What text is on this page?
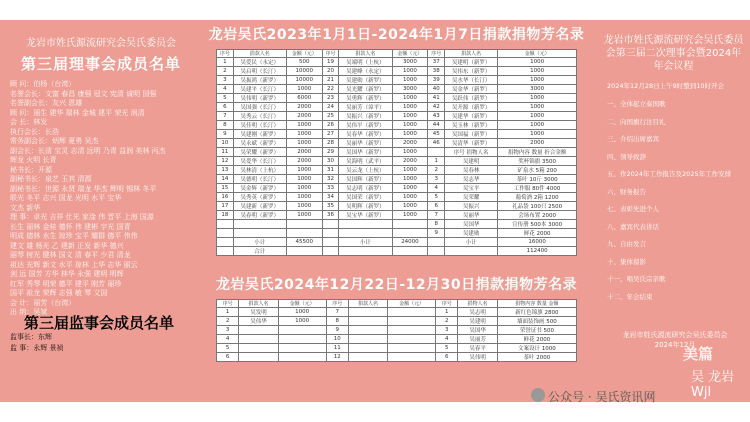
龙岩市姓氏源流研究会吴氏委员会
第三届理事会成员名单
顾 问：伯杨（台湾）
名誉会长：文富 春昌 康强 冠文 宪清 诚明 国强
名誉副会长：友兴 恩雄
顾 问：丽生 建华 瑞林 金城 建平 荣光 润清
会 长：林发
执行会长：长浩
常务副会长：炳辉 夏勇 吴杰
副会长：长清 宝灵 志清 远明 乃青 益润 美林 丙杰
辉龙 火明 长青
秘书长：开源
副秘书长：泉艺 玉其 清源
副秘书长：世源 永贤 瑞龙 华杰 辉明 锡林 冬平
联光 冬平 志兴 国龙 光明 水平 宝华
文杰 新华
理 事：卓光 吉祥 仕光 家淦 伟 晋平 上海 国源
长生 丽林 金桂 德怀 伟 建彬 宇光 国青
明成 德林 水生 琼珍 宝平 耀群 德平 伟伟
建文 雄 杨光 乙 建新 正发 新华 德兴
丽琴 树光 健林 国文 清 春平 少君 清龙
祖达 光辉 新文 水平 琼林 上华 志华 丽云
剑 远 国芳 方华 林华 永强 建明 明辉
红军 秀琴 明荣 德平 建平 刚芳 丽珍
国平 祖龙 荣辉 志强 敏 琴 文国
会 计：丽芳（台湾）
出 纳：吴斌
第三届监事会成员名单
监事长：东辉
监 事：永辉 景祯
龙岩吴氏2023年1月1日-2024年1月7日捐款捐物芳名录
序号	捐款人名	金额（元）	序号	捐款人名	金额（元）	序号	捐款人名	金额（元）
1	吴爱民（永定）	500	19	吴端明（上杭）	3000	37	吴建明（新罗）	1000
2	吴启明（长汀）	10000	20	吴建峰（永定）	1000	38	吴伟东（新罗）	1000
3	吴振鸿（新罗）	10000	21	吴建勋（新罗）	1000	39	吴水华（长汀）	1000
4	吴建平（长汀）	1000	22	吴光耀（新罗）	3000	40	吴金华（新罗）	3000
5	吴伟明（新罗）	6000	23	吴勇辉（新罗）	1000	41	吴跃伟（新罗）	1000
6	吴国强（长汀）	2000	24	吴丽芳（漳平）	1000	42	吴开源（新罗）	1000
7	吴秀云（长汀）	2000	25	吴振兴（新罗）	1000	43	吴建华（新罗）	1000
8	吴佳明（长汀）	1000	26	吴伟平（新罗）	1000	44	吴玉林（新罗）	1000
9	吴建刚（新罗）	1000	27	吴春华（新罗）	1000	45	吴国福（新罗）	1000
10	吴永斌（新罗）	1000	28	吴丽华（新罗）	2000	46	吴清华（新罗）	2000
11	吴荣耀（新罗）	2000	29	吴国华（新罗）	1000		序号 捐物人名	捐物内容 数量 折合金额
12	吴爱华（长汀）	2000	30	吴海明（武平）	2000	1	吴建明	奖杯锦旗 3500
13	吴林清（上杭）	1000	31	吴云龙（上杭）	1000	2	吴春林	矿泉水 5箱 200
14	吴德明（长汀）	1000	32	吴国辉（新罗）	1000	3	吴志华	茶叶 10斤 3000
15	吴金辉（新罗）	1000	33	吴志明（新罗）	1000	4	吴宝平	工作服 80件 4000
16	吴秀英（新罗）	1000	34	吴国荣（新罗）	1000	5	吴荣耀	葡萄酒 2箱 1200
17	吴建新（新罗）	1000	35	吴明辉（新罗）	1000	6	吴振兴	礼品袋 100只 2500
18	吴春明（新罗）	1000	36	吴宝华（新罗）	1000	7	吴丽华	会场布置 2000
						8	吴国华	宣传册 500本 3000
						9	吴建勋	鲜花 2000
	小计	45500		小计	24000		小计	16000
	合计							112400
龙岩吴氏2024年12月22日-12月30日捐款捐物芳名录
序号	捐款人名	金额（元）	序号	捐款人名	金额（元）	序号	捐物人名	捐物内容 数量 金额
1	吴发明	1000	7			1	吴志明	新红色锦旗 2800
2	吴伟华	1000	8			2	吴建明	墙面装饰画 500
3			9			3	吴国华	荣誉证书 500
4			10			4	吴丽芳	鲜花 2000
5			11			5	吴春平	文案设计 1000
6			12			6	吴伟明	茶叶 2000
龙岩市姓氏源流研究会吴氏委员会第三届二次理事会暨2024年年会议程
2024年12月28日上午9时整到10时开会
一、全体起立奏国歌
二、向国旗行注目礼
三、介绍出席嘉宾
四、领导致辞
五、作2024年工作报告及2025年工作安排
六、财务报告
七、表彰先进个人
八、嘉宾代表讲话
九、自由发言
十、集体留影
十一、唱吴氏宗亲歌
十二、年会结束
龙岩市姓氏源流研究会吴氏委员会
2024年12月
美篇
吴 龙岩Wjl
公众号 · 吴氏资讯网
